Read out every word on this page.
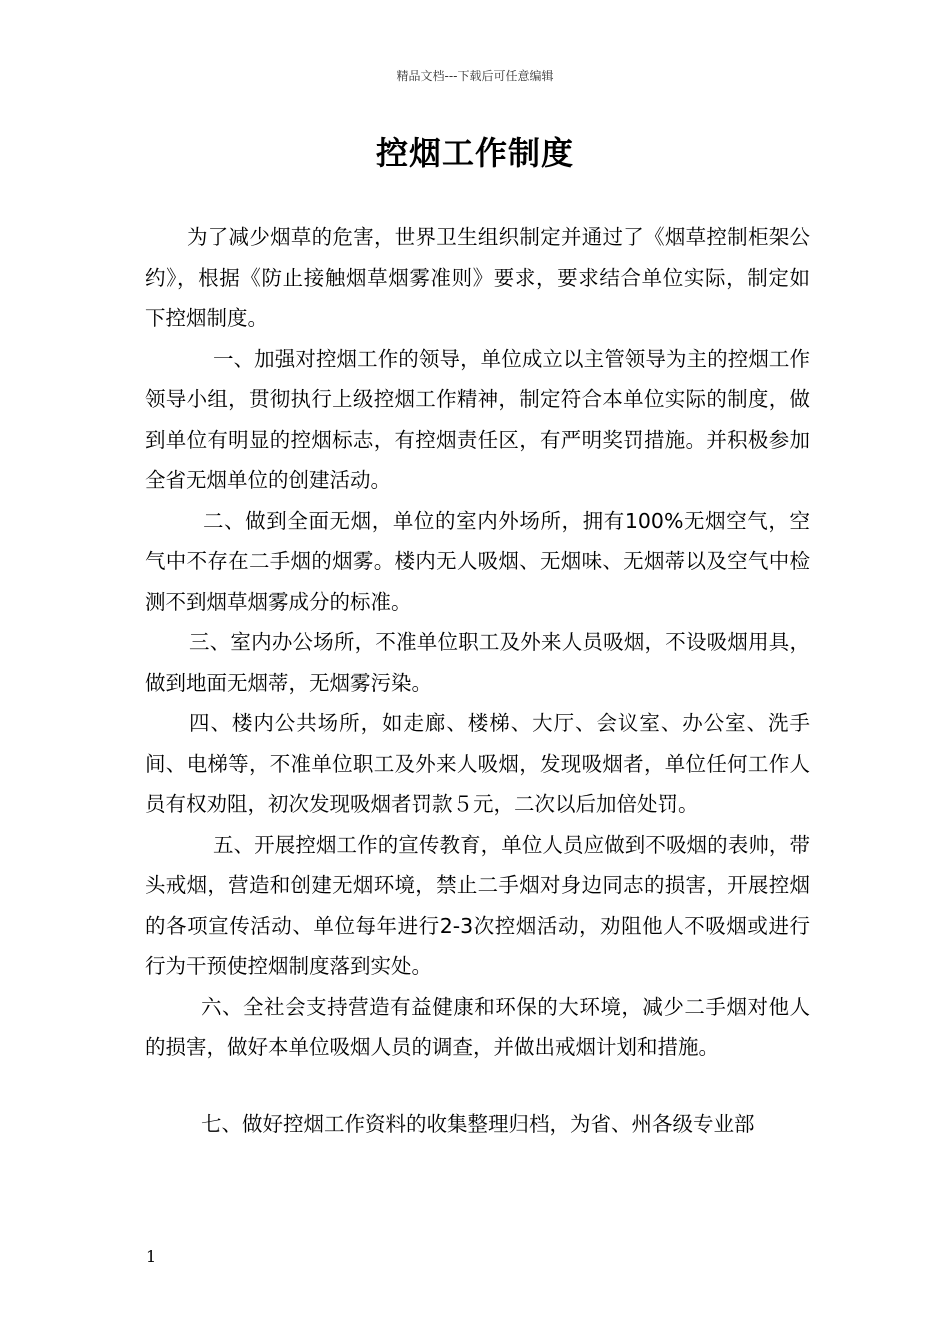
精品文档---下载后可任意编辑
控烟工作制度

为了减少烟草的危害，世界卫生组织制定并通过了《烟草控制柜架公约》，根据《防止接触烟草烟雾准则》要求，要求结合单位实际，制定如下控烟制度。

一、加强对控烟工作的领导，单位成立以主管领导为主的控烟工作领导小组，贯彻执行上级控烟工作精神，制定符合本单位实际的制度，做到单位有明显的控烟标志，有控烟责任区，有严明奖罚措施。并积极参加全省无烟单位的创建活动。

二、做到全面无烟，单位的室内外场所，拥有100%无烟空气，空气中不存在二手烟的烟雾。楼内无人吸烟、无烟味、无烟蒂以及空气中检测不到烟草烟雾成分的标准。

三、室内办公场所，不准单位职工及外来人员吸烟，不设吸烟用具，做到地面无烟蒂，无烟雾污染。

四、楼内公共场所，如走廊、楼梯、大厅、会议室、办公室、洗手间、电梯等，不准单位职工及外来人吸烟，发现吸烟者，单位任何工作人员有权劝阻，初次发现吸烟者罚款５元，二次以后加倍处罚。

五、开展控烟工作的宣传教育，单位人员应做到不吸烟的表帅，带头戒烟，营造和创建无烟环境，禁止二手烟对身边同志的损害，开展控烟的各项宣传活动、单位每年进行2-3次控烟活动，劝阻他人不吸烟或进行行为干预使控烟制度落到实处。

六、全社会支持营造有益健康和环保的大环境，减少二手烟对他人的损害，做好本单位吸烟人员的调查，并做出戒烟计划和措施。

七、做好控烟工作资料的收集整理归档，为省、州各级专业部

1
